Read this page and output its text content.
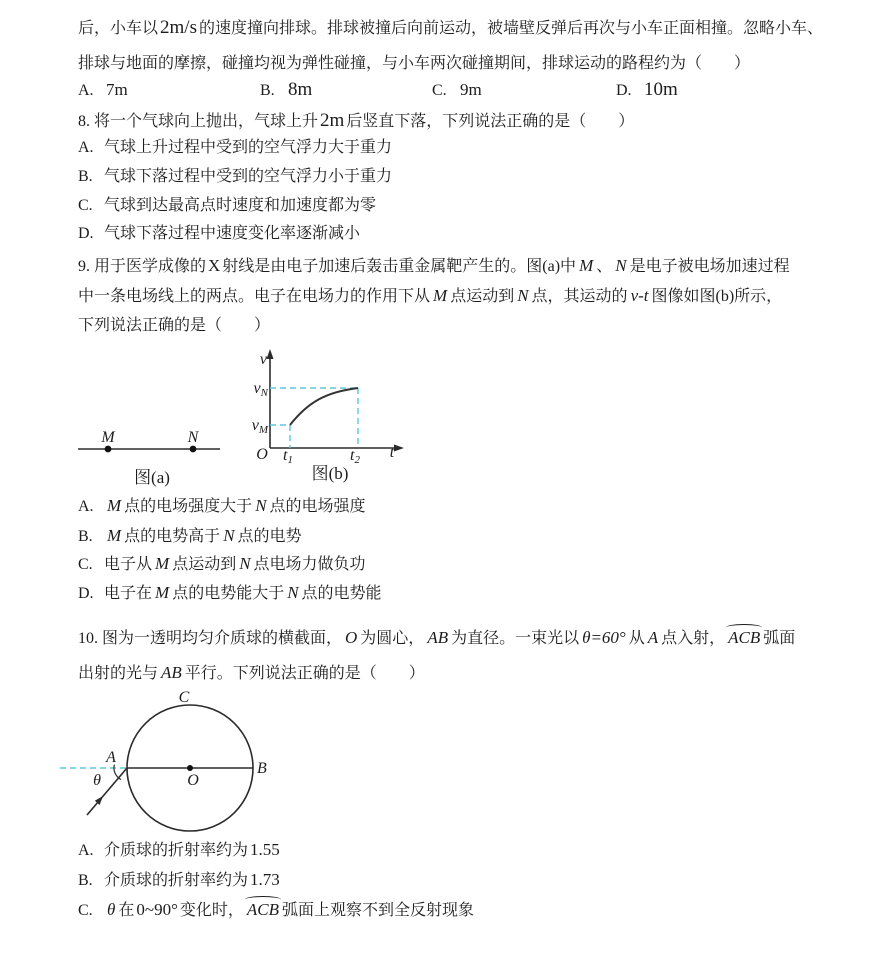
后，小车以 2m/s 的速度撞向排球。排球被撞后向前运动，被墙壁反弹后再次与小车正面相撞。忽略小车、
排球与地面的摩擦，碰撞均视为弹性碰撞，与小车两次碰撞期间，排球运动的路程约为（　　）
A. 7m	B. 8m	C. 9m	D. 10m
8. 将一个气球向上抛出，气球上升 2m 后竖直下落，下列说法正确的是（　　）
A. 气球上升过程中受到的空气浮力大于重力
B. 气球下落过程中受到的空气浮力小于重力
C. 气球到达最高点时速度和加速度都为零
D. 气球下落过程中速度变化率逐渐减小
9. 用于医学成像的 X 射线是由电子加速后轰击重金属靶产生的。图(a)中 M 、 N 是电子被电场加速过程
中一条电场线上的两点。电子在电场力的作用下从 M 点运动到 N 点，其运动的 v-t 图像如图(b)所示，
下列说法正确的是（　　）
M	N
图(a)
v
t
O
vN
vM
t1	t2
图(b)
A. M 点的电场强度大于 N 点的电场强度
B. M 点的电势高于 N 点的电势
C. 电子从 M 点运动到 N 点电场力做负功
D. 电子在 M 点的电势能大于 N 点的电势能
10. 图为一透明均匀介质球的横截面， O 为圆心， AB 为直径。一束光以 θ=60° 从 A 点入射， ACB 弧面
出射的光与 AB 平行。下列说法正确的是（　　）
A
B
C
O
θ
A. 介质球的折射率约为 1.55
B. 介质球的折射率约为 1.73
C. θ 在 0~90° 变化时， ACB 弧面上观察不到全反射现象
